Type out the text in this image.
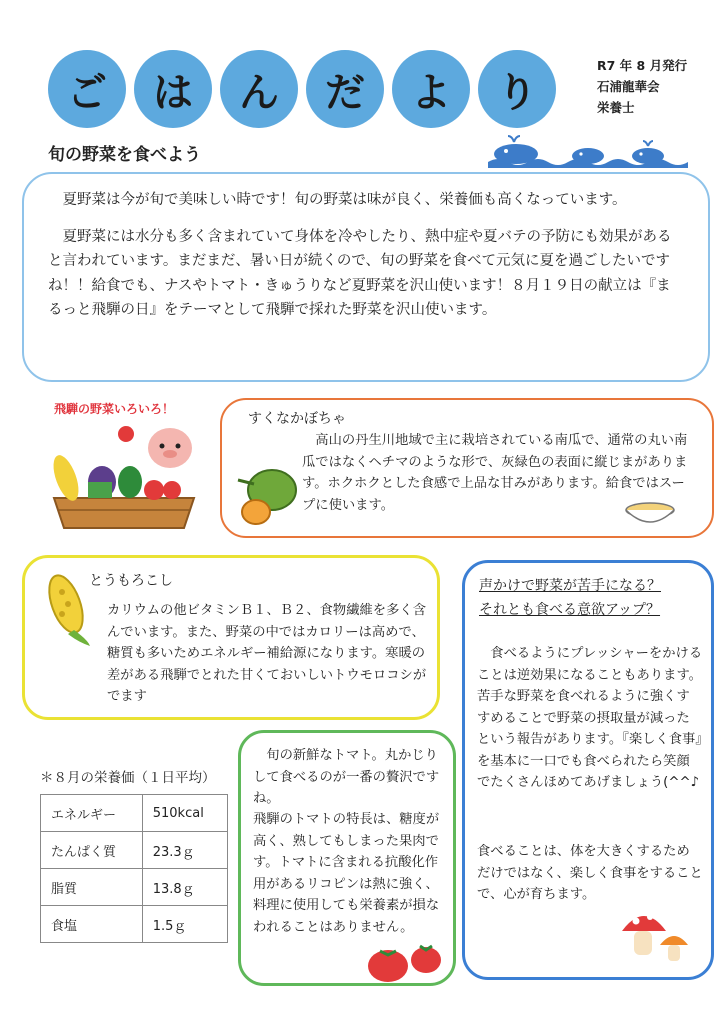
ご	は	ん	だ	よ	り
R7 年 8 月発行
石浦龍華会
栄養士
旬の野菜を食べよう

夏野菜は今が旬で美味しい時です！旬の野菜は味が良く、栄養価も高くなっています。

夏野菜には水分も多く含まれていて身体を冷やしたり、熱中症や夏バテの予防にも効果があると言われています。まだまだ、暑い日が続くので、旬の野菜を食べて元気に夏を過ごしたいですね！！給食でも、ナスやトマト・きゅうりなど夏野菜を沢山使います！８月１９日の献立は『まるっと飛騨の日』をテーマとして飛騨で採れた野菜を沢山使います。

飛騨の野菜いろいろ！
すくなかぼちゃ
高山の丹生川地域で主に栽培されている南瓜で、通常の丸い南瓜ではなくヘチマのような形で、灰緑色の表面に縦じまがあります。ホクホクとした食感で上品な甘みがあります。給食ではスープに使います。
とうもろこし
カリウムの他ビタミンＢ１、Ｂ２、食物繊維を多く含んでいます。また、野菜の中ではカロリーは高めで、糖質も多いためエネルギー補給源になります。寒暖の差がある飛騨でとれた甘くておいしいトウモロコシがでます
声かけで野菜が苦手になる？
それとも食べる意欲アップ？
食べるようにプレッシャーをかけることは逆効果になることもあります。苦手な野菜を食べれるように強くすすめることで野菜の摂取量が減ったという報告があります。『楽しく食事』を基本に一口でも食べられたら笑顔でたくさんほめてあげましょう(^^♪
食べることは、体を大きくするためだけではなく、楽しく食事をすることで、心が育ちます。
＊８月の栄養価（１日平均）
エネルギー	510kcal
たんぱく質	23.3ｇ
脂質	13.8ｇ
食塩	1.5ｇ
旬の新鮮なトマト。丸かじりして食べるのが一番の贅沢ですね。
飛騨のトマトの特長は、糖度が高く、熟してもしまった果肉です。トマトに含まれる抗酸化作用があるリコピンは熱に強く、料理に使用しても栄養素が損なわれることはありません。
